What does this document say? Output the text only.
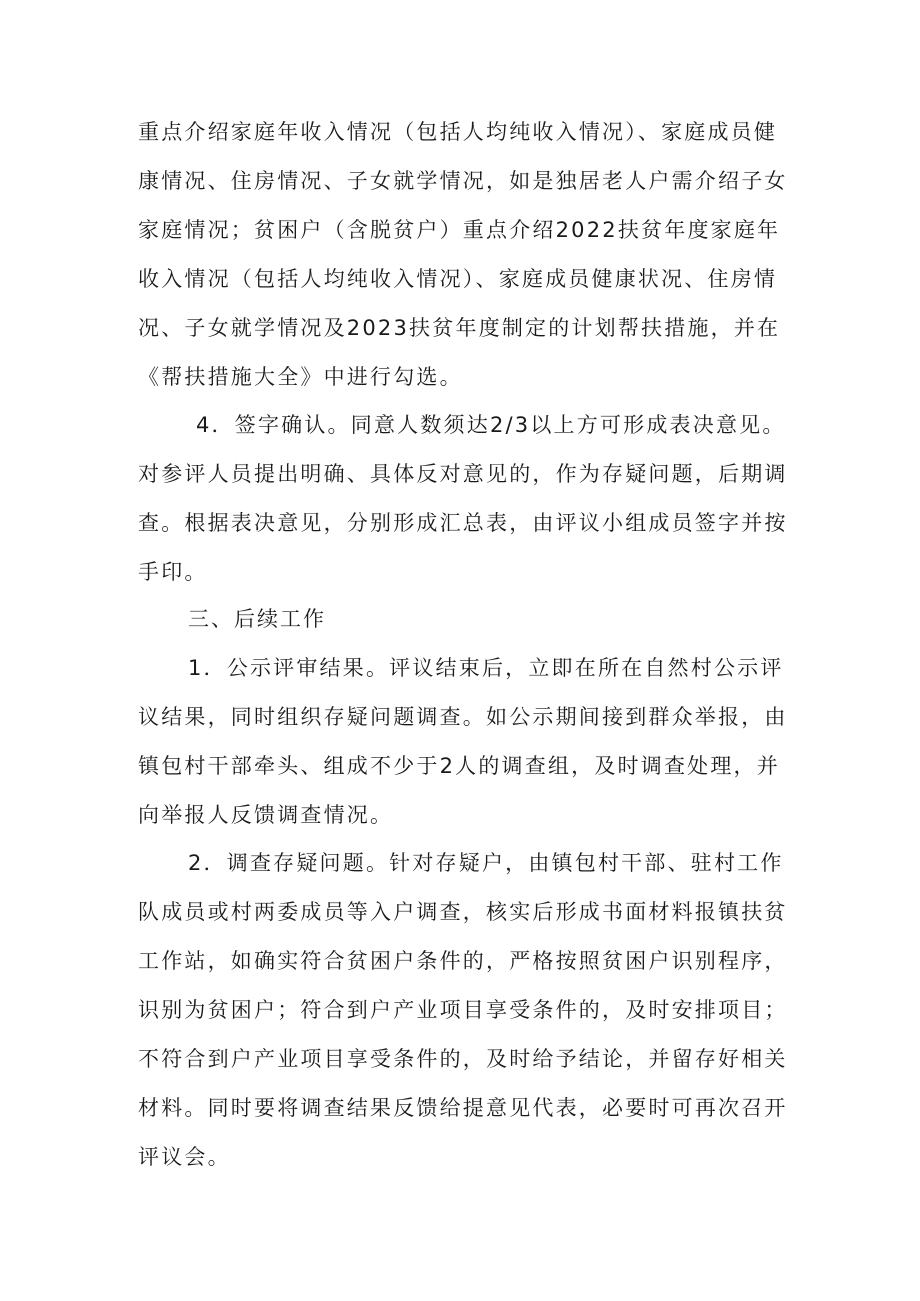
重点介绍家庭年收入情况（包括人均纯收入情况）、家庭成员健

康情况、住房情况、子女就学情况，如是独居老人户需介绍子女

家庭情况；贫困户（含脱贫户）重点介绍2022扶贫年度家庭年

收入情况（包括人均纯收入情况）、家庭成员健康状况、住房情

况、子女就学情况及2023扶贫年度制定的计划帮扶措施，并在

《帮扶措施大全》中进行勾选。

4．签字确认。同意人数须达2/3以上方可形成表决意见。

对参评人员提出明确、具体反对意见的，作为存疑问题，后期调

查。根据表决意见，分别形成汇总表，由评议小组成员签字并按

手印。

三、后续工作

1．公示评审结果。评议结束后，立即在所在自然村公示评

议结果，同时组织存疑问题调查。如公示期间接到群众举报，由

镇包村干部牵头、组成不少于2人的调查组，及时调查处理，并

向举报人反馈调查情况。

2．调查存疑问题。针对存疑户，由镇包村干部、驻村工作

队成员或村两委成员等入户调查，核实后形成书面材料报镇扶贫

工作站，如确实符合贫困户条件的，严格按照贫困户识别程序，

识别为贫困户；符合到户产业项目享受条件的，及时安排项目；

不符合到户产业项目享受条件的，及时给予结论，并留存好相关

材料。同时要将调查结果反馈给提意见代表，必要时可再次召开

评议会。
